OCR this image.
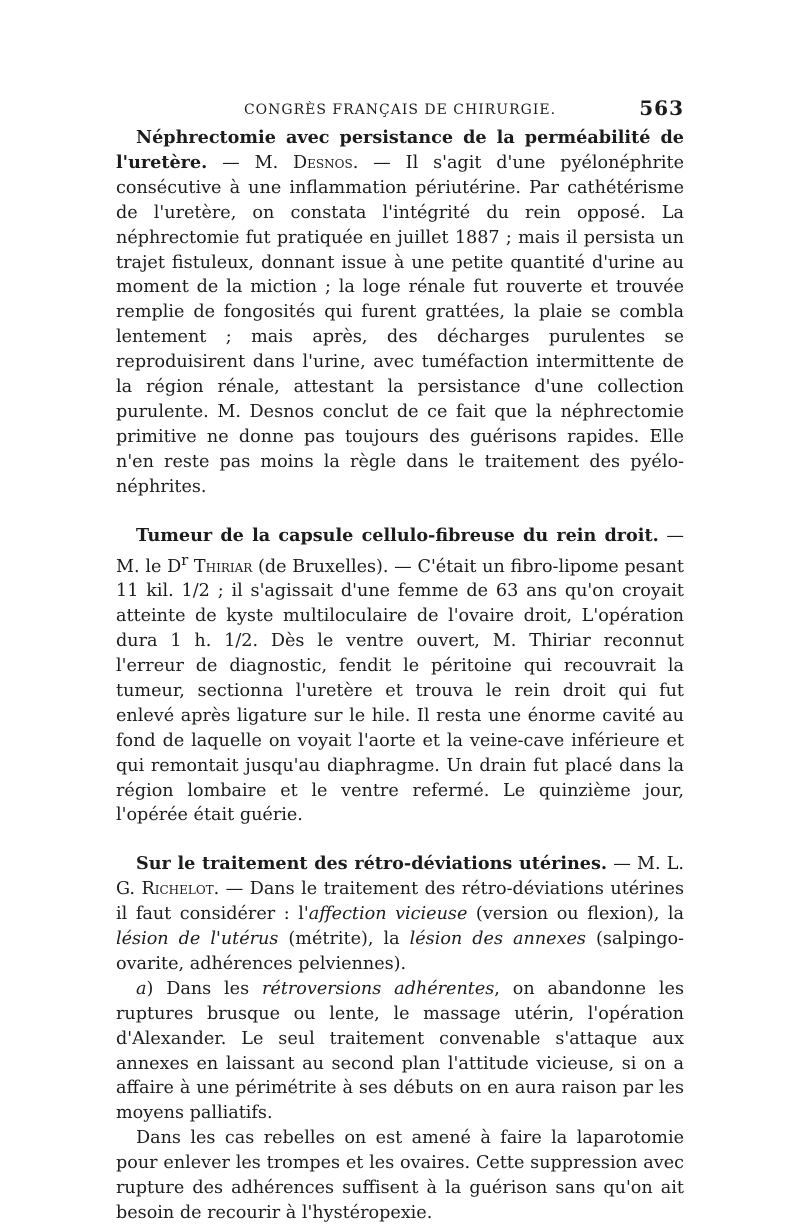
CONGRÈS FRANÇAIS DE CHIRURGIE.	563

Néphrectomie avec persistance de la perméabilité de l'uretère. — M. Desnos. — Il s'agit d'une pyélonéphrite consécutive à une inflammation périutérine. Par cathétérisme de l'uretère, on constata l'intégrité du rein opposé. La néphrectomie fut pratiquée en juillet 1887 ; mais il persista un trajet fistuleux, donnant issue à une petite quantité d'urine au moment de la miction ; la loge rénale fut rouverte et trouvée remplie de fongosités qui furent grattées, la plaie se combla lentement ; mais après, des décharges purulentes se reproduisirent dans l'urine, avec tuméfaction intermittente de la région rénale, attestant la persistance d'une collection purulente. M. Desnos conclut de ce fait que la néphrectomie primitive ne donne pas toujours des guérisons rapides. Elle n'en reste pas moins la règle dans le traitement des pyélo-néphrites.

Tumeur de la capsule cellulo-fibreuse du rein droit. — M. le $D^r$ Thiriar (de Bruxelles). — C'était un fibro-lipome pesant 11 kil. 1/2 ; il s'agissait d'une femme de 63 ans qu'on croyait atteinte de kyste multiloculaire de l'ovaire droit, L'opération dura 1 h. 1/2. Dès le ventre ouvert, M. Thiriar reconnut l'erreur de diagnostic, fendit le péritoine qui recouvrait la tumeur, sectionna l'uretère et trouva le rein droit qui fut enlevé après ligature sur le hile. Il resta une énorme cavité au fond de laquelle on voyait l'aorte et la veine-cave inférieure et qui remontait jusqu'au diaphragme. Un drain fut placé dans la région lombaire et le ventre refermé. Le quinzième jour, l'opérée était guérie.

Sur le traitement des rétro-déviations utérines. — M. L. G. Richelot. — Dans le traitement des rétro-déviations utérines il faut considérer : l'affection vicieuse (version ou flexion), la lésion de l'utérus (métrite), la lésion des annexes (salpingo-ovarite, adhérences pelviennes).

a) Dans les rétroversions adhérentes, on abandonne les ruptures brusque ou lente, le massage utérin, l'opération d'Alexander. Le seul traitement convenable s'attaque aux annexes en laissant au second plan l'attitude vicieuse, si on a affaire à une périmétrite à ses débuts on en aura raison par les moyens palliatifs.

Dans les cas rebelles on est amené à faire la laparotomie pour enlever les trompes et les ovaires. Cette suppression avec rupture des adhérences suffisent à la guérison sans qu'on ait besoin de recourir à l'hystéropexie.
